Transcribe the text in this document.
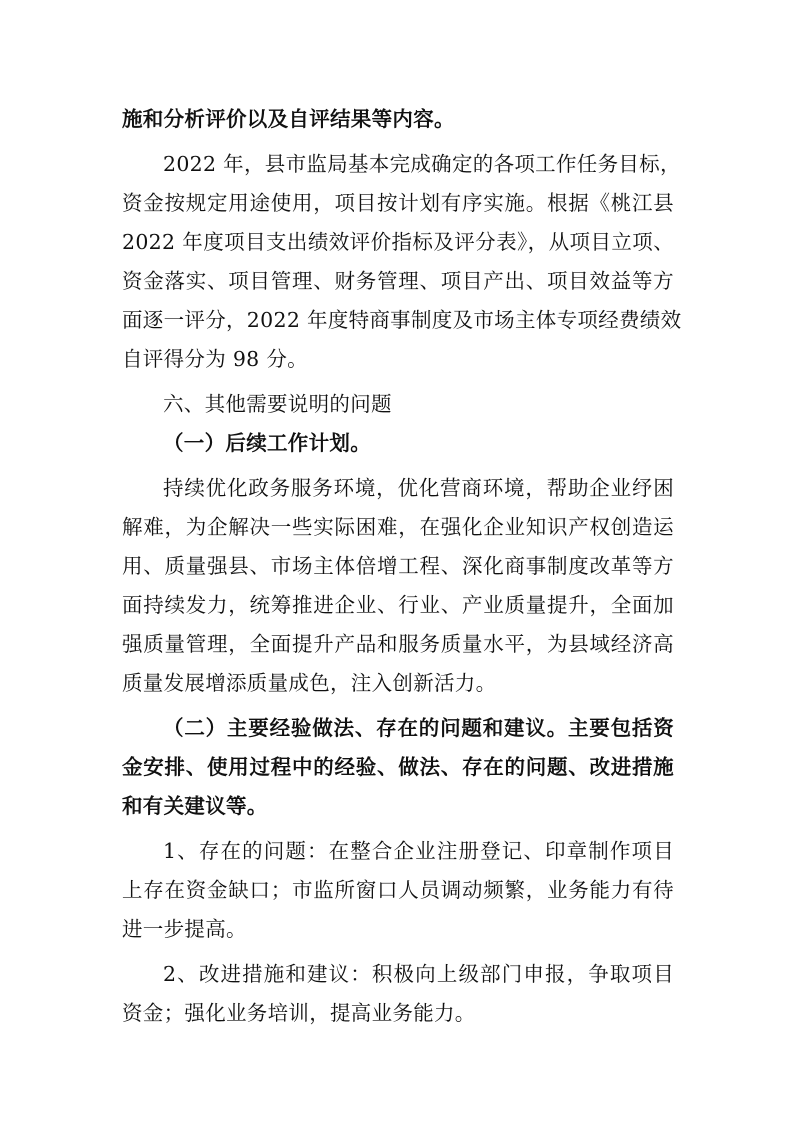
施和分析评价以及自评结果等内容。
2022 年，县市监局基本完成确定的各项工作任务目标，
资金按规定用途使用，项目按计划有序实施。根据《桃江县
2022 年度项目支出绩效评价指标及评分表》，从项目立项、
资金落实、项目管理、财务管理、项目产出、项目效益等方
面逐一评分，2022 年度特商事制度及市场主体专项经费绩效
自评得分为 98 分。
六、其他需要说明的问题
（一）后续工作计划。
持续优化政务服务环境，优化营商环境，帮助企业纾困
解难，为企解决一些实际困难，在强化企业知识产权创造运
用、质量强县、市场主体倍增工程、深化商事制度改革等方
面持续发力，统筹推进企业、行业、产业质量提升，全面加
强质量管理，全面提升产品和服务质量水平，为县域经济高
质量发展增添质量成色，注入创新活力。
（二）主要经验做法、存在的问题和建议。主要包括资
金安排、使用过程中的经验、做法、存在的问题、改进措施
和有关建议等。
1、存在的问题：在整合企业注册登记、印章制作项目
上存在资金缺口；市监所窗口人员调动频繁，业务能力有待
进一步提高。
2、改进措施和建议：积极向上级部门申报，争取项目
资金；强化业务培训，提高业务能力。
